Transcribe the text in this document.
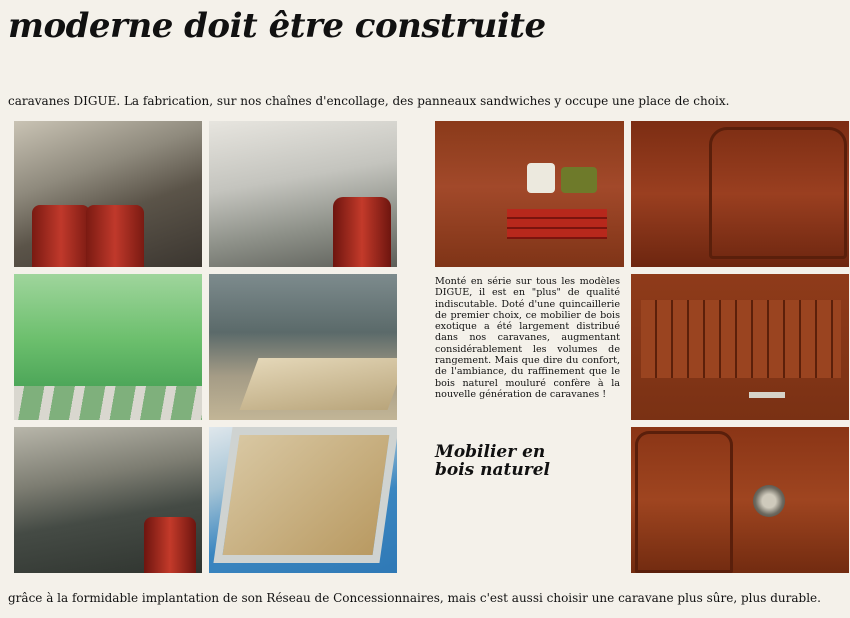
moderne doit être construite
caravanes DIGUE. La fabrication, sur nos chaînes d'encollage, des panneaux sandwiches y occupe une place de choix.

Monté en série sur tous les modèles DIGUE, il est en "plus" de qualité indiscutable. Doté d'une quincaillerie de premier choix, ce mobilier de bois exotique a été largement distribué dans nos caravanes, augmentant considérablement les volumes de rangement. Mais que dire du confort, de l'ambiance, du raffinement que le bois naturel mouluré confère à la nouvelle génération de caravanes !

Mobilier en
bois naturel

grâce à la formidable implantation de son Réseau de Concessionnaires, mais c'est aussi choisir une caravane plus sûre, plus durable.
